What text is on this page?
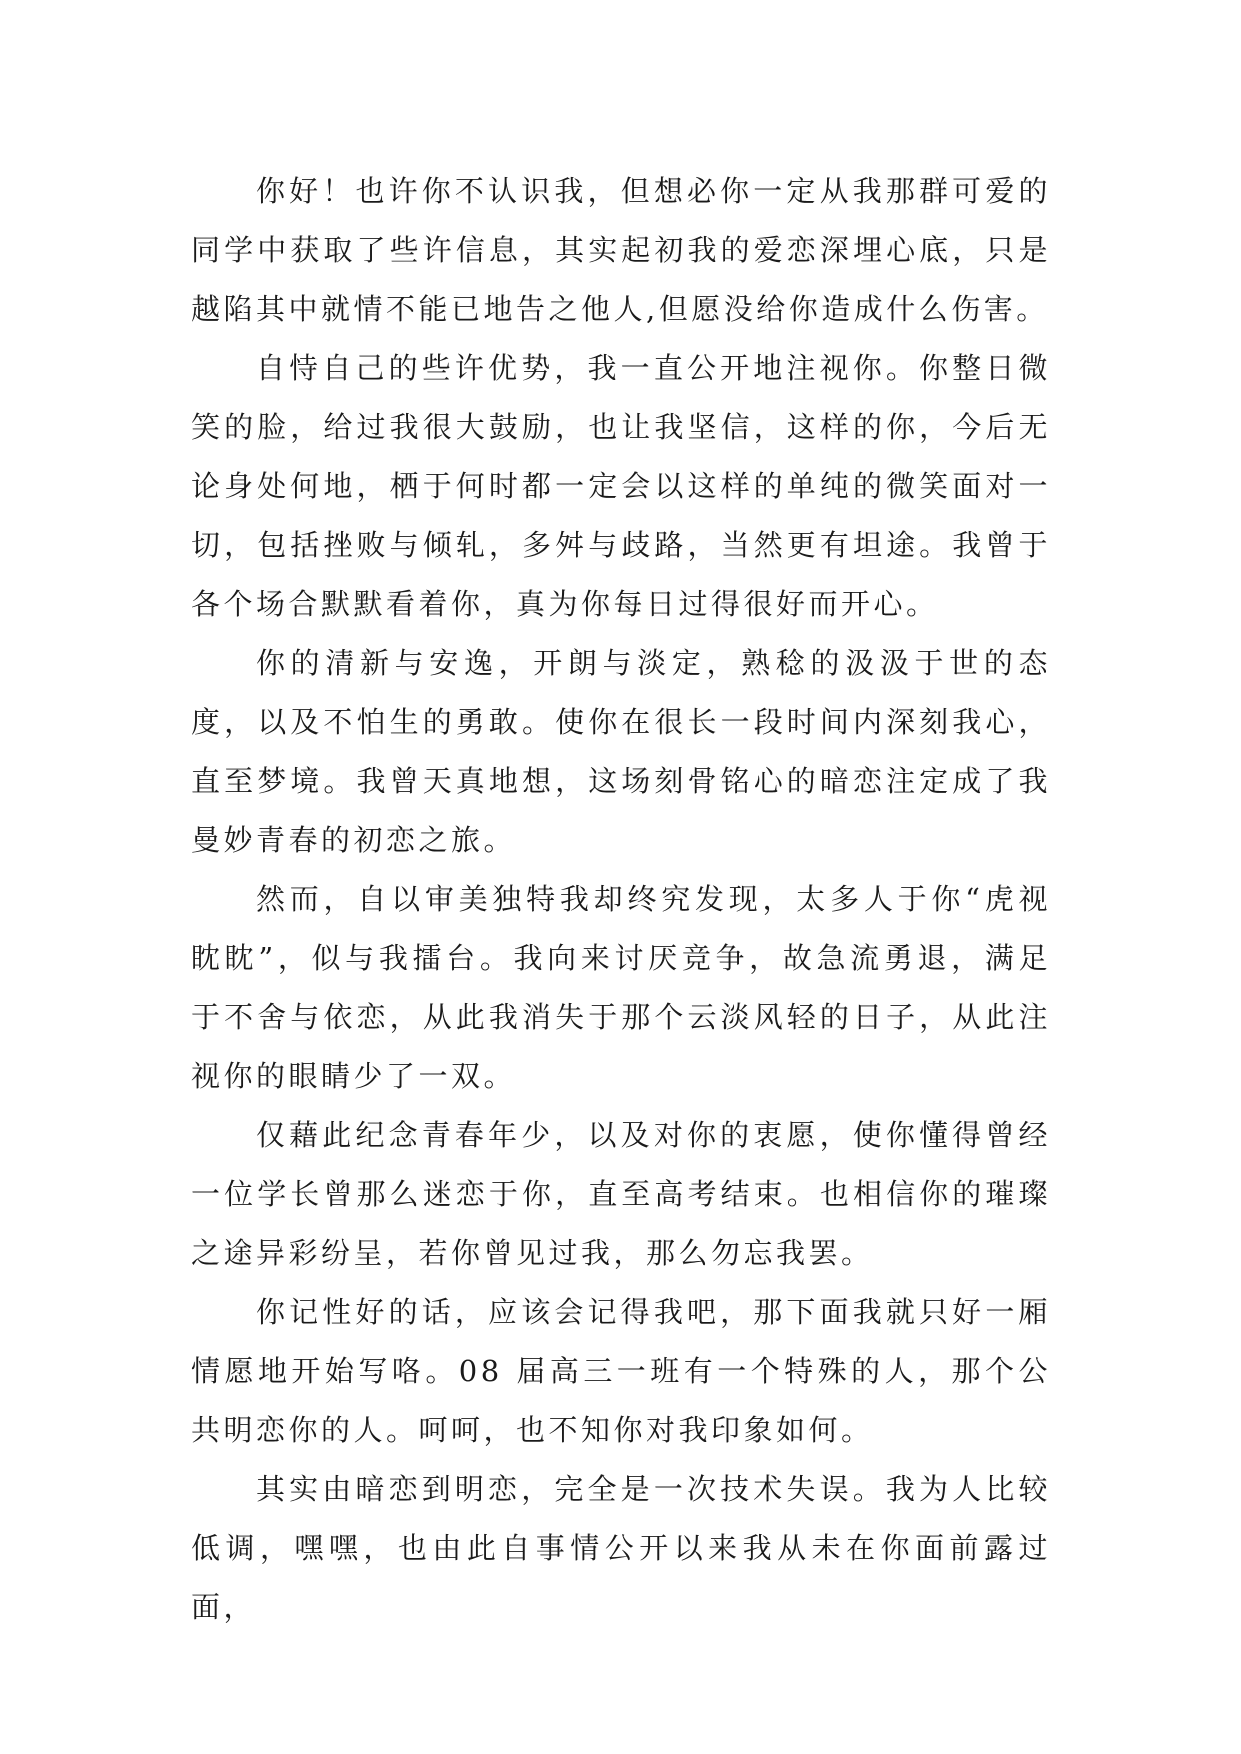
你好！也许你不认识我，但想必你一定从我那群可爱的同学中获取了些许信息，其实起初我的爱恋深埋心底，只是越陷其中就情不能已地告之他人,但愿没给你造成什么伤害。

自恃自己的些许优势，我一直公开地注视你。你整日微笑的脸，给过我很大鼓励，也让我坚信，这样的你，今后无论身处何地，栖于何时都一定会以这样的单纯的微笑面对一切，包括挫败与倾轧，多舛与歧路，当然更有坦途。我曾于各个场合默默看着你，真为你每日过得很好而开心。

你的清新与安逸，开朗与淡定，熟稔的汲汲于世的态度，以及不怕生的勇敢。使你在很长一段时间内深刻我心，直至梦境。我曾天真地想，这场刻骨铭心的暗恋注定成了我曼妙青春的初恋之旅。

然而，自以审美独特我却终究发现，太多人于你“虎视眈眈”，似与我擂台。我向来讨厌竞争，故急流勇退，满足于不舍与依恋，从此我消失于那个云淡风轻的日子，从此注视你的眼睛少了一双。

仅藉此纪念青春年少，以及对你的衷愿，使你懂得曾经一位学长曾那么迷恋于你，直至高考结束。也相信你的璀璨之途异彩纷呈，若你曾见过我，那么勿忘我罢。

你记性好的话，应该会记得我吧，那下面我就只好一厢情愿地开始写咯。08 届高三一班有一个特殊的人，那个公共明恋你的人。呵呵，也不知你对我印象如何。

其实由暗恋到明恋，完全是一次技术失误。我为人比较低调，嘿嘿，也由此自事情公开以来我从未在你面前露过面，
